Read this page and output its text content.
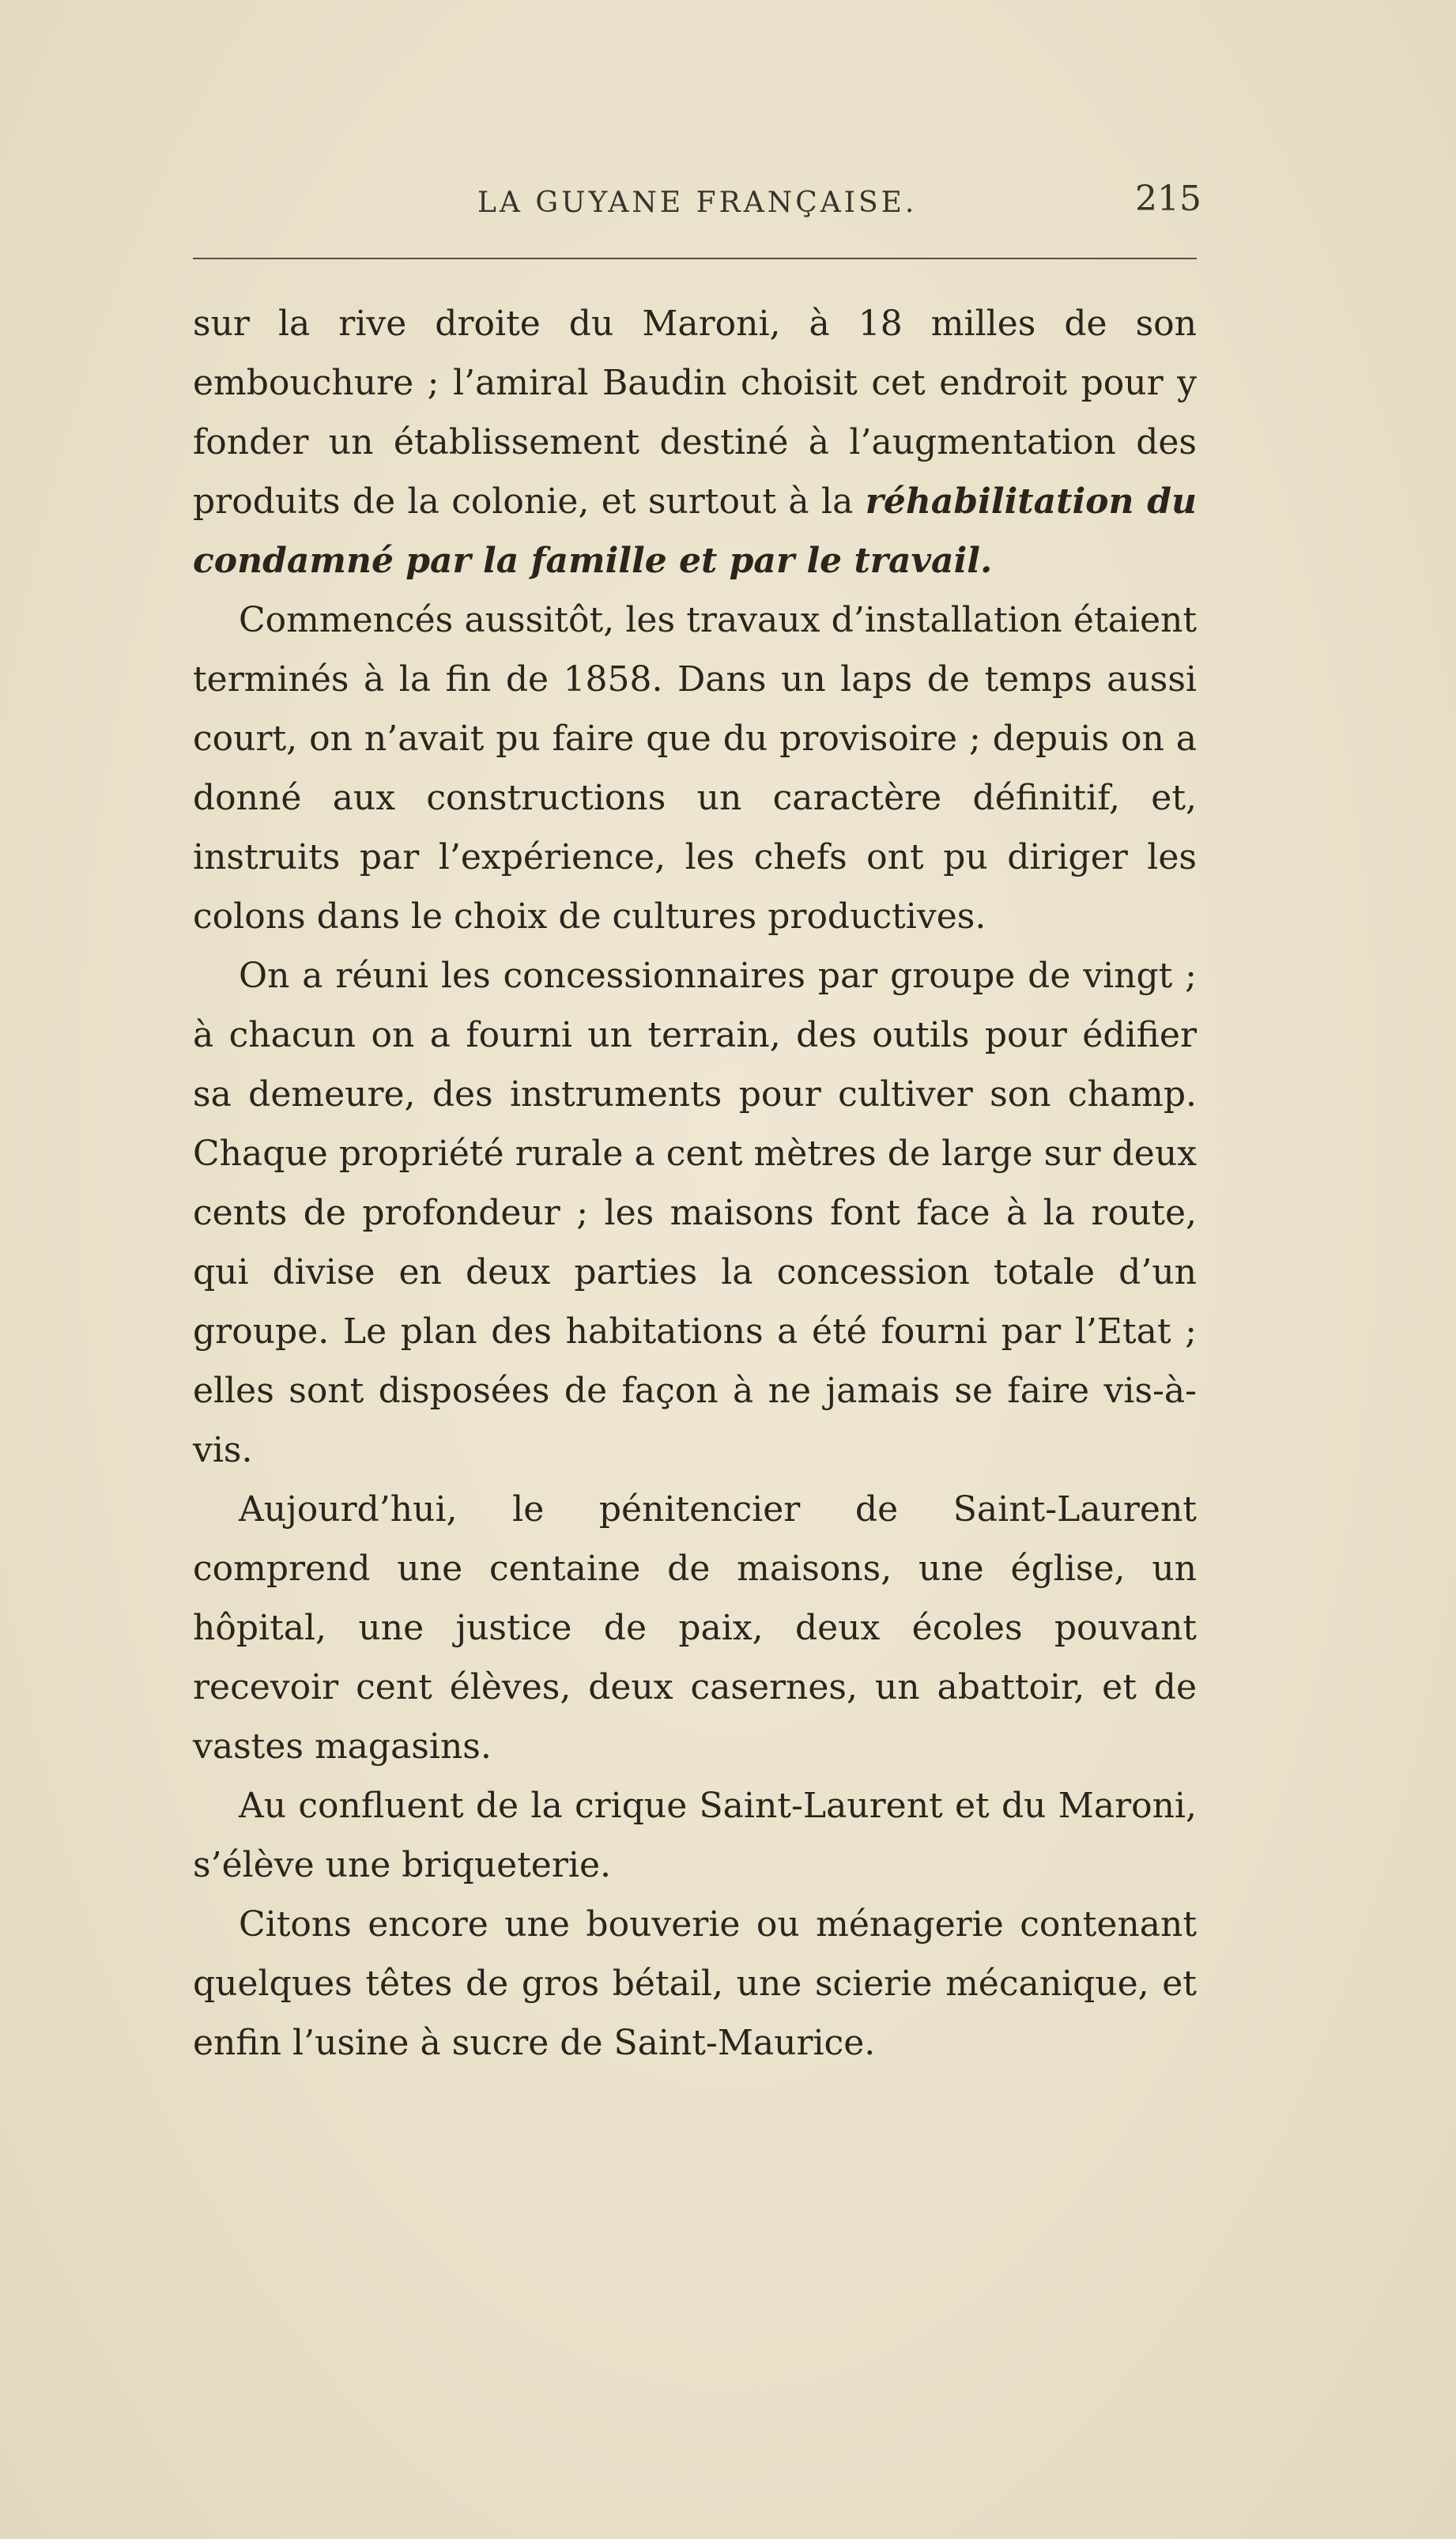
LA GUYANE FRANÇAISE.	215

sur la rive droite du Maroni, à 18 milles de son embouchure ; l’amiral Baudin choisit cet endroit pour y fonder un établissement destiné à l’augmentation des produits de la colonie, et surtout à la réhabilitation du condamné par la famille et par le travail.

Commencés aussitôt, les travaux d’installation étaient terminés à la fin de 1858. Dans un laps de temps aussi court, on n’avait pu faire que du provisoire ; depuis on a donné aux constructions un caractère définitif, et, instruits par l’expérience, les chefs ont pu diriger les colons dans le choix de cultures productives.

On a réuni les concessionnaires par groupe de vingt ; à chacun on a fourni un terrain, des outils pour édifier sa demeure, des instruments pour cultiver son champ. Chaque propriété rurale a cent mètres de large sur deux cents de profondeur ; les maisons font face à la route, qui divise en deux parties la concession totale d’un groupe. Le plan des habitations a été fourni par l’Etat ; elles sont disposées de façon à ne jamais se faire vis-à-vis.

Aujourd’hui, le pénitencier de Saint-Laurent comprend une centaine de maisons, une église, un hôpital, une justice de paix, deux écoles pouvant recevoir cent élèves, deux casernes, un abattoir, et de vastes magasins.

Au confluent de la crique Saint-Laurent et du Maroni, s’élève une briqueterie.

Citons encore une bouverie ou ménagerie contenant quelques têtes de gros bétail, une scierie mécanique, et enfin l’usine à sucre de Saint-Maurice.
